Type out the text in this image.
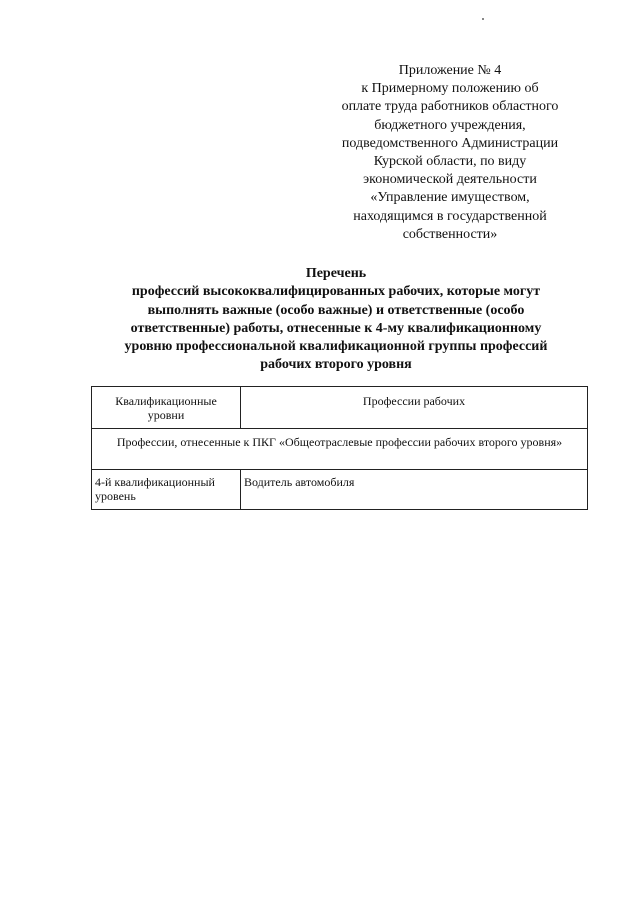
Приложение № 4
к Примерному положению об
оплате труда работников областного
бюджетного учреждения,
подведомственного Администрации
Курской области, по виду
экономической деятельности
«Управление имуществом,
находящимся в государственной
собственности»
Перечень
профессий высококвалифицированных рабочих, которые могут
выполнять важные (особо важные) и ответственные (особо
ответственные) работы, отнесенные к 4-му квалификационному
уровню профессиональной квалификационной группы профессий
рабочих второго уровня
Квалификационные уровни	Профессии рабочих
Профессии, отнесенные к ПКГ «Общеотраслевые профессии рабочих второго уровня»	
4-й квалификационный уровень	Водитель автомобиля
